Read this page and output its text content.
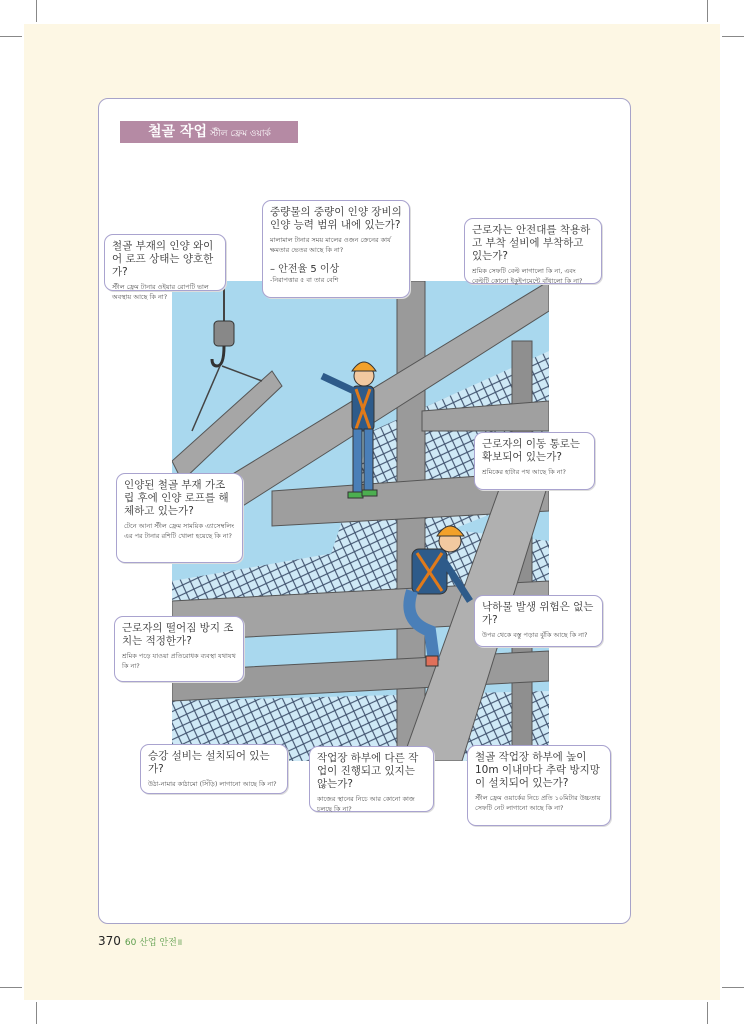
철골 작업 স্টীল ফ্রেম ওয়ার্ক
철골 부재의 인양 와이어 로프 상태는 양호한가?
স্টীল ফ্রেম টানার ওইয়ার রোপটি ভাল অবস্থায় আছে কি না?
중량물의 중량이 인양 장비의 인양 능력 범위 내에 있는가?
মালামাল টানার সময় মালের ওজন ক্রেনের কার্য ক্ষমতার ভেতর আছে কি না?
– 안전율 5 이상
-নিরাপত্তার ৫ বা তার বেশি
근로자는 안전대를 착용하고 부착 설비에 부착하고 있는가?
শ্রমিক সেফটি বেল্ট লাগালো কি না, এবং বেল্টটি কোনো ইকুইপমেন্টে বাঁধালো কি না?
근로자의 이동 통로는 확보되어 있는가?
শ্রমিকের হাটার পথ আছে কি না?
인양된 철골 부재 가조립 후에 인양 로프를 해체하고 있는가?
টেনে আনা স্টীল ফ্রেম সাময়িক এ্যাসেম্বলিং এর পর টানার রশিটি খোলা হয়েছে কি না?
낙하물 발생 위험은 없는가?
উপর থেকে বস্তু পড়ার ঝুঁকি আছে কি না?
근로자의 떨어짐 방지 조치는 적정한가?
শ্রমিক পড়ে যাওয়া প্রতিরোধক ব্যবস্থা যথাযথ কি না?
승강 설비는 설치되어 있는가?
উঠা-নামার কাঠামো (সিঁড়ি) লাগানো আছে কি না?
작업장 하부에 다른 작업이 진행되고 있지는 않는가?
কাজের স্থানের নিচে আর কোনো কাজ চলছে কি না?
철골 작업장 하부에 높이 10m 이내마다 추락 방지망이 설치되어 있는가?
স্টীল ফ্রেম ওয়ার্কের নিচে প্রতি ১০মিটার উচ্চতায় সেফটি নেট লাগানো আছে কি না?
370 60 산업 안전॥
